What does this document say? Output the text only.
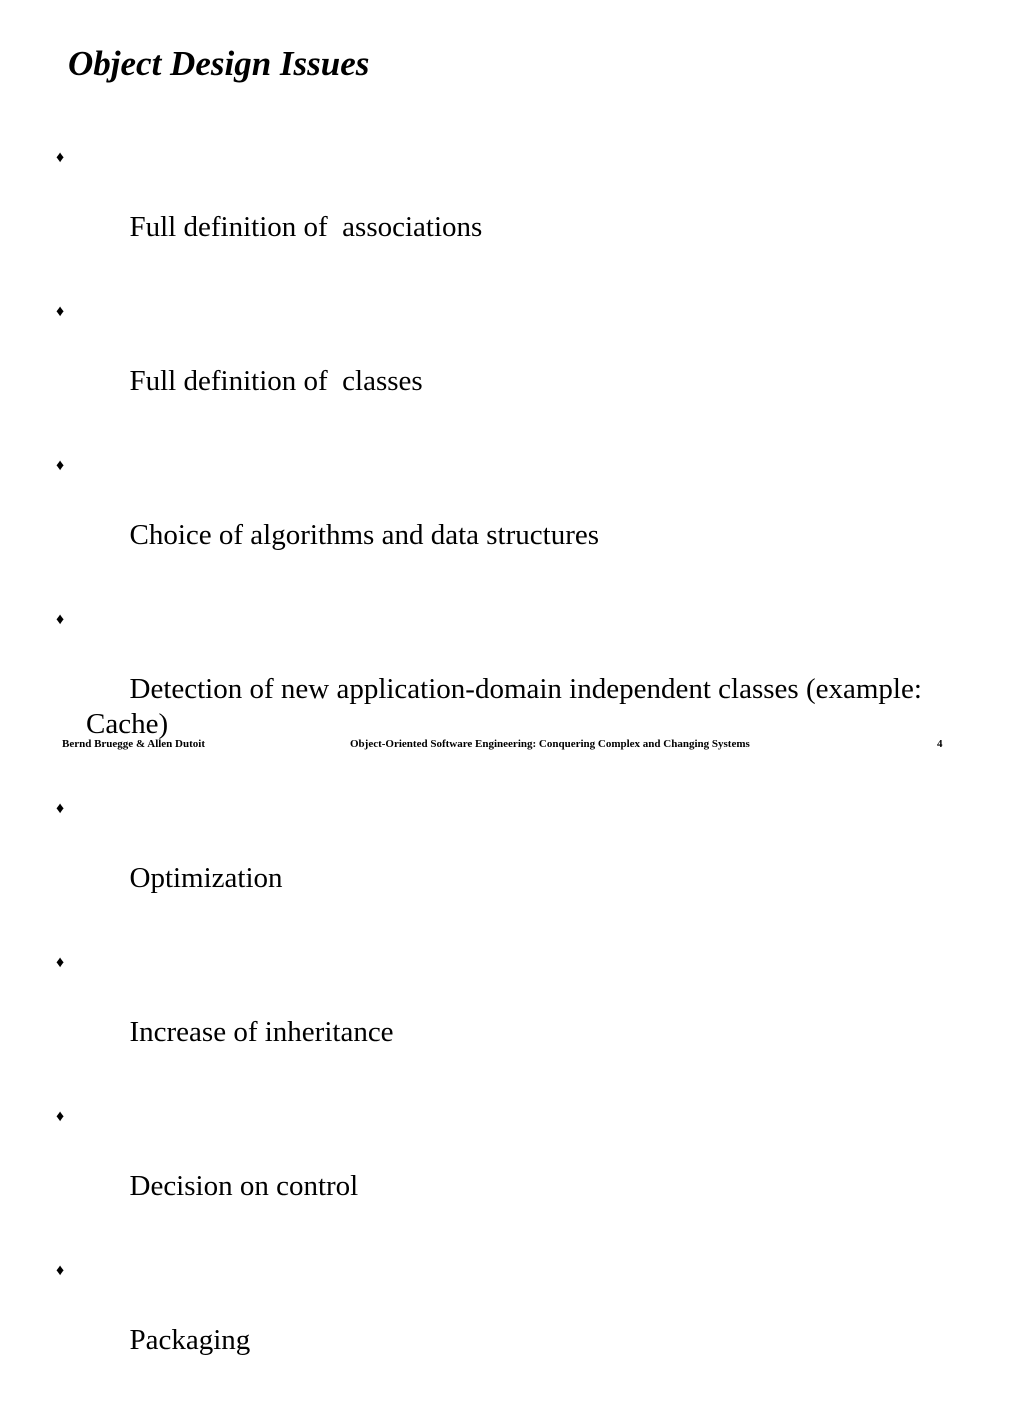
Object Design Issues

♦

Full definition of  associations

♦

Full definition of  classes

♦

Choice of algorithms and data structures

♦

Detection of new application-domain independent classes (example: Cache)

♦

Optimization

♦

Increase of inheritance

♦

Decision on control

♦

Packaging

Bernd Bruegge & Allen Dutoit	Object-Oriented Software Engineering: Conquering Complex and Changing Systems	4
